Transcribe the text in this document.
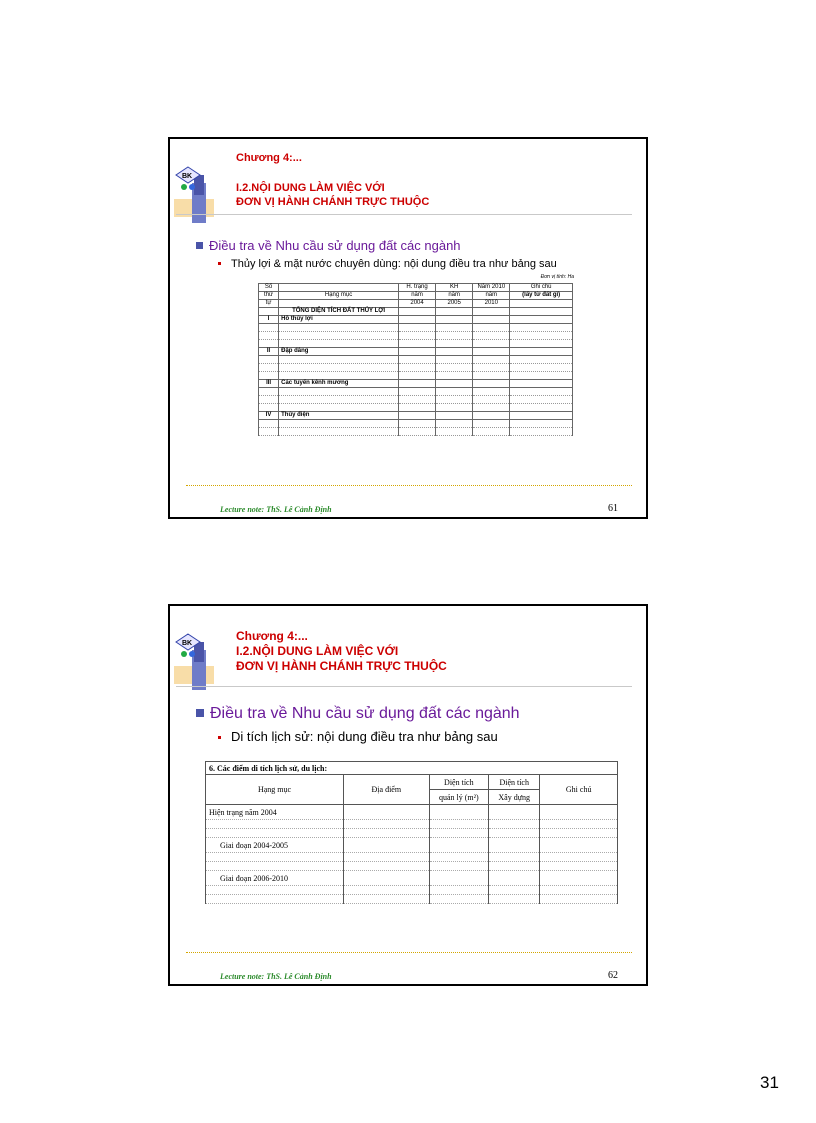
BK
Chương 4:...
I.2.NỘI DUNG LÀM VIỆC VỚI
ĐƠN VỊ HÀNH CHÁNH TRỰC THUỘC
Điều tra về Nhu cầu sử dụng đất các ngành
Thủy lợi & mặt nước chuyên dùng: nội dung điều tra như bảng sau
Đơn vị tính: Ha
Số		H. trạng	KH	Năm 2010	Ghi chú
thứ	Hạng mục	năm	năm	năm	(lấy từ đất gì)
tự		2004	2005	2010	
	TỔNG DIỆN TÍCH ĐẤT THỦY LỢI				
I	Hồ thủy lợi				

II	Đập dâng				

III	Các tuyến kênh mương				

IV	Thủy điện				

Lecture note: ThS. Lê Cảnh Định	61
BK
Chương 4:...
I.2.NỘI DUNG LÀM VIỆC VỚI
ĐƠN VỊ HÀNH CHÁNH TRỰC THUỘC
Điều tra về Nhu cầu sử dụng đất các ngành
Di tích lịch sử: nội dung điều tra như bảng sau
6. Các điểm di tích lịch sử, du lịch:				
Hạng mục	Địa điểm	Diện tích	Diện tích	Ghi chú
		quản lý (m²)	Xây dựng	
Hiện trạng năm 2004				

Giai đoạn 2004-2005				

Giai đoạn 2006-2010				

Lecture note: ThS. Lê Cảnh Định	62
31
